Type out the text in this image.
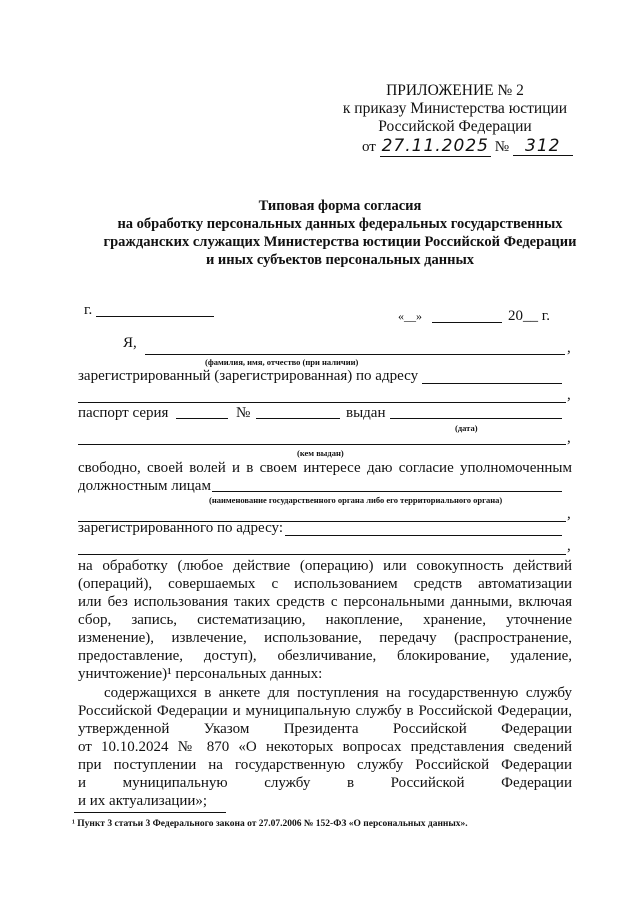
ПРИЛОЖЕНИЕ № 2
к приказу Министерства юстиции
Российской Федерации
от 27.11.2025 № 312
Типовая форма согласия
на обработку персональных данных федеральных государственных
гражданских служащих Министерства юстиции Российской Федерации
и иных субъектов персональных данных
г.	«__»	20__ г.
Я,	,
(фамилия, имя, отчество (при наличии)
зарегистрированный (зарегистрированная) по адресу
,
паспорт серия	№	выдан
(дата)
,
(кем выдан)
свободно, своей волей и в своем интересе даю согласие уполномоченным
должностным лицам
(наименование государственного органа либо его территориального органа)
,
зарегистрированного по адресу:
,
на обработку (любое действие (операцию) или совокупность действий
(операций), совершаемых с использованием средств автоматизации
или без использования таких средств с персональными данными, включая
сбор, запись, систематизацию, накопление, хранение, уточнение
изменение), извлечение, использование, передачу (распространение,
предоставление, доступ), обезличивание, блокирование, удаление,
уничтожение)¹ персональных данных:
содержащихся в анкете для поступления на государственную службу
Российской Федерации и муниципальную службу в Российской Федерации,
утвержденной Указом Президента Российской Федерации
от 10.10.2024 № 870 «О некоторых вопросах представления сведений
при поступлении на государственную службу Российской Федерации
и муниципальную службу в Российской Федерации
и их актуализации»;
¹ Пункт 3 статьи 3 Федерального закона от 27.07.2006 № 152-ФЗ «О персональных данных».
